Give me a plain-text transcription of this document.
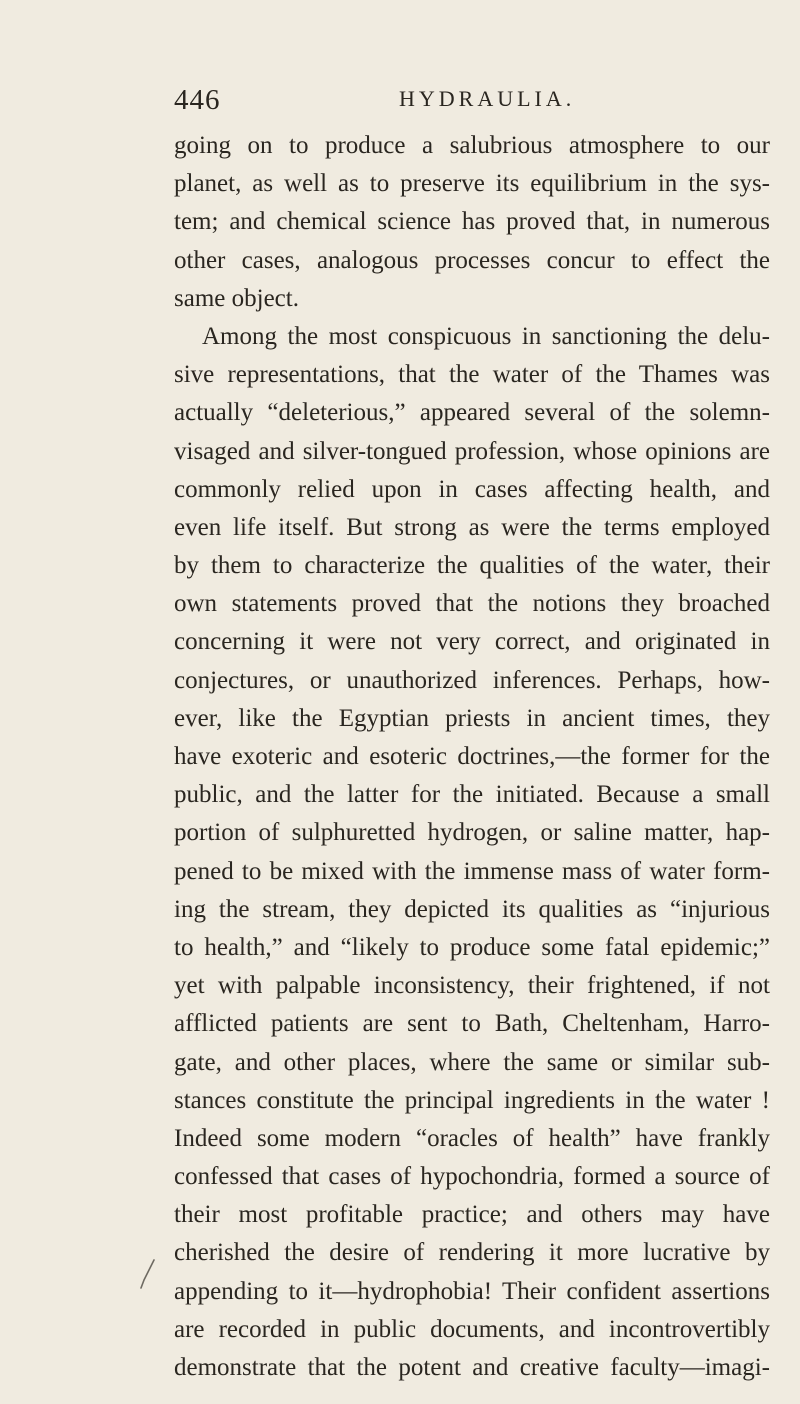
446	HYDRAULIA.
going on to produce a salubrious atmosphere to our
planet, as well as to preserve its equilibrium in the sys-
tem; and chemical science has proved that, in numerous
other cases, analogous processes concur to effect the
same object.
Among the most conspicuous in sanctioning the delu-
sive representations, that the water of the Thames was
actually “deleterious,” appeared several of the solemn-
visaged and silver-tongued profession, whose opinions are
commonly relied upon in cases affecting health, and
even life itself. But strong as were the terms employed
by them to characterize the qualities of the water, their
own statements proved that the notions they broached
concerning it were not very correct, and originated in
conjectures, or unauthorized inferences. Perhaps, how-
ever, like the Egyptian priests in ancient times, they
have exoteric and esoteric doctrines,—the former for the
public, and the latter for the initiated. Because a small
portion of sulphuretted hydrogen, or saline matter, hap-
pened to be mixed with the immense mass of water form-
ing the stream, they depicted its qualities as “injurious
to health,” and “likely to produce some fatal epidemic;”
yet with palpable inconsistency, their frightened, if not
afflicted patients are sent to Bath, Cheltenham, Harro-
gate, and other places, where the same or similar sub-
stances constitute the principal ingredients in the water !
Indeed some modern “oracles of health” have frankly
confessed that cases of hypochondria, formed a source of
their most profitable practice; and others may have
cherished the desire of rendering it more lucrative by
appending to it—hydrophobia! Their confident assertions
are recorded in public documents, and incontrovertibly
demonstrate that the potent and creative faculty—imagi-
